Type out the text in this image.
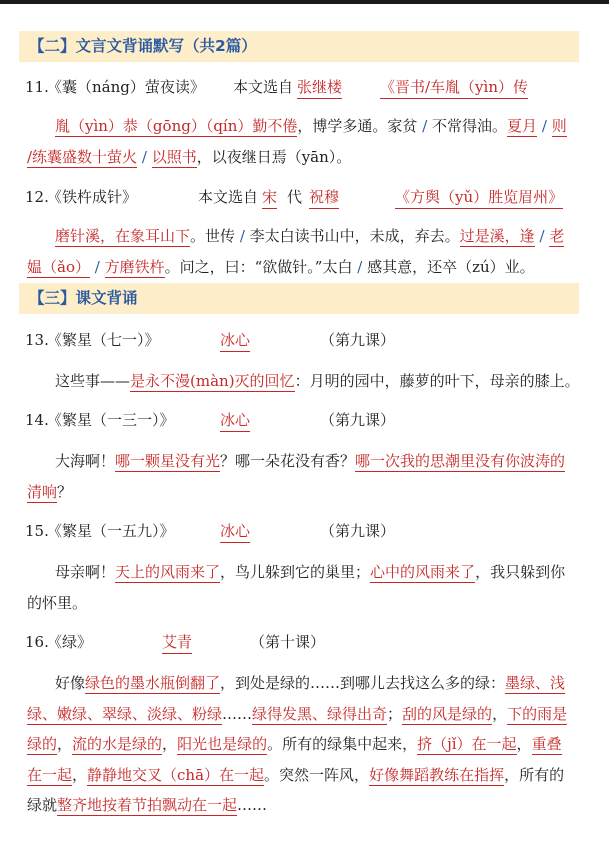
【二】文言文背诵默写（共2篇）
11.
《囊（náng）萤夜读》 本文选自 张继楼	《晋书/车胤（yìn）传
胤（yìn）恭（gōng）（qín）勤不倦，博学多通。家贫 / 不常得油。夏月 / 则
/练囊盛数十萤火 / 以照书，以夜继日焉（yān）。
12.
《铁杵成针》	本文选自 宋 代 祝穆	《方舆（yǔ）胜览眉州》
磨针溪，在象耳山下。世传 / 李太白读书山中，未成，弃去。过是溪，逢 / 老
媪（ǎo） / 方磨铁杵。问之，曰：“欲做针。”太白 / 感其意，还卒（zú）业。
【三】课文背诵
13.
《繁星（七一）》	冰心	（第九课）
这些事——是永不漫(màn)灭的回忆：月明的园中，藤萝的叶下，母亲的膝上。
14.
《繁星（一三一）》	冰心	（第九课）
大海啊！哪一颗星没有光？哪一朵花没有香？哪一次我的思潮里没有你波涛的
清响？
15.
《繁星（一五九）》	冰心	（第九课）
母亲啊！天上的风雨来了，鸟儿躲到它的巢里；心中的风雨来了，我只躲到你
的怀里。
16.
《绿》	艾青	（第十课）
好像绿色的墨水瓶倒翻了，到处是绿的……到哪儿去找这么多的绿：墨绿、浅
绿、嫩绿、翠绿、淡绿、粉绿……绿得发黑、绿得出奇；刮的风是绿的，下的雨是
绿的，流的水是绿的，阳光也是绿的。所有的绿集中起来，挤（jǐ）在一起，重叠
在一起，静静地交叉（chā）在一起。突然一阵风，好像舞蹈教练在指挥，所有的
绿就整齐地按着节拍飘动在一起……
